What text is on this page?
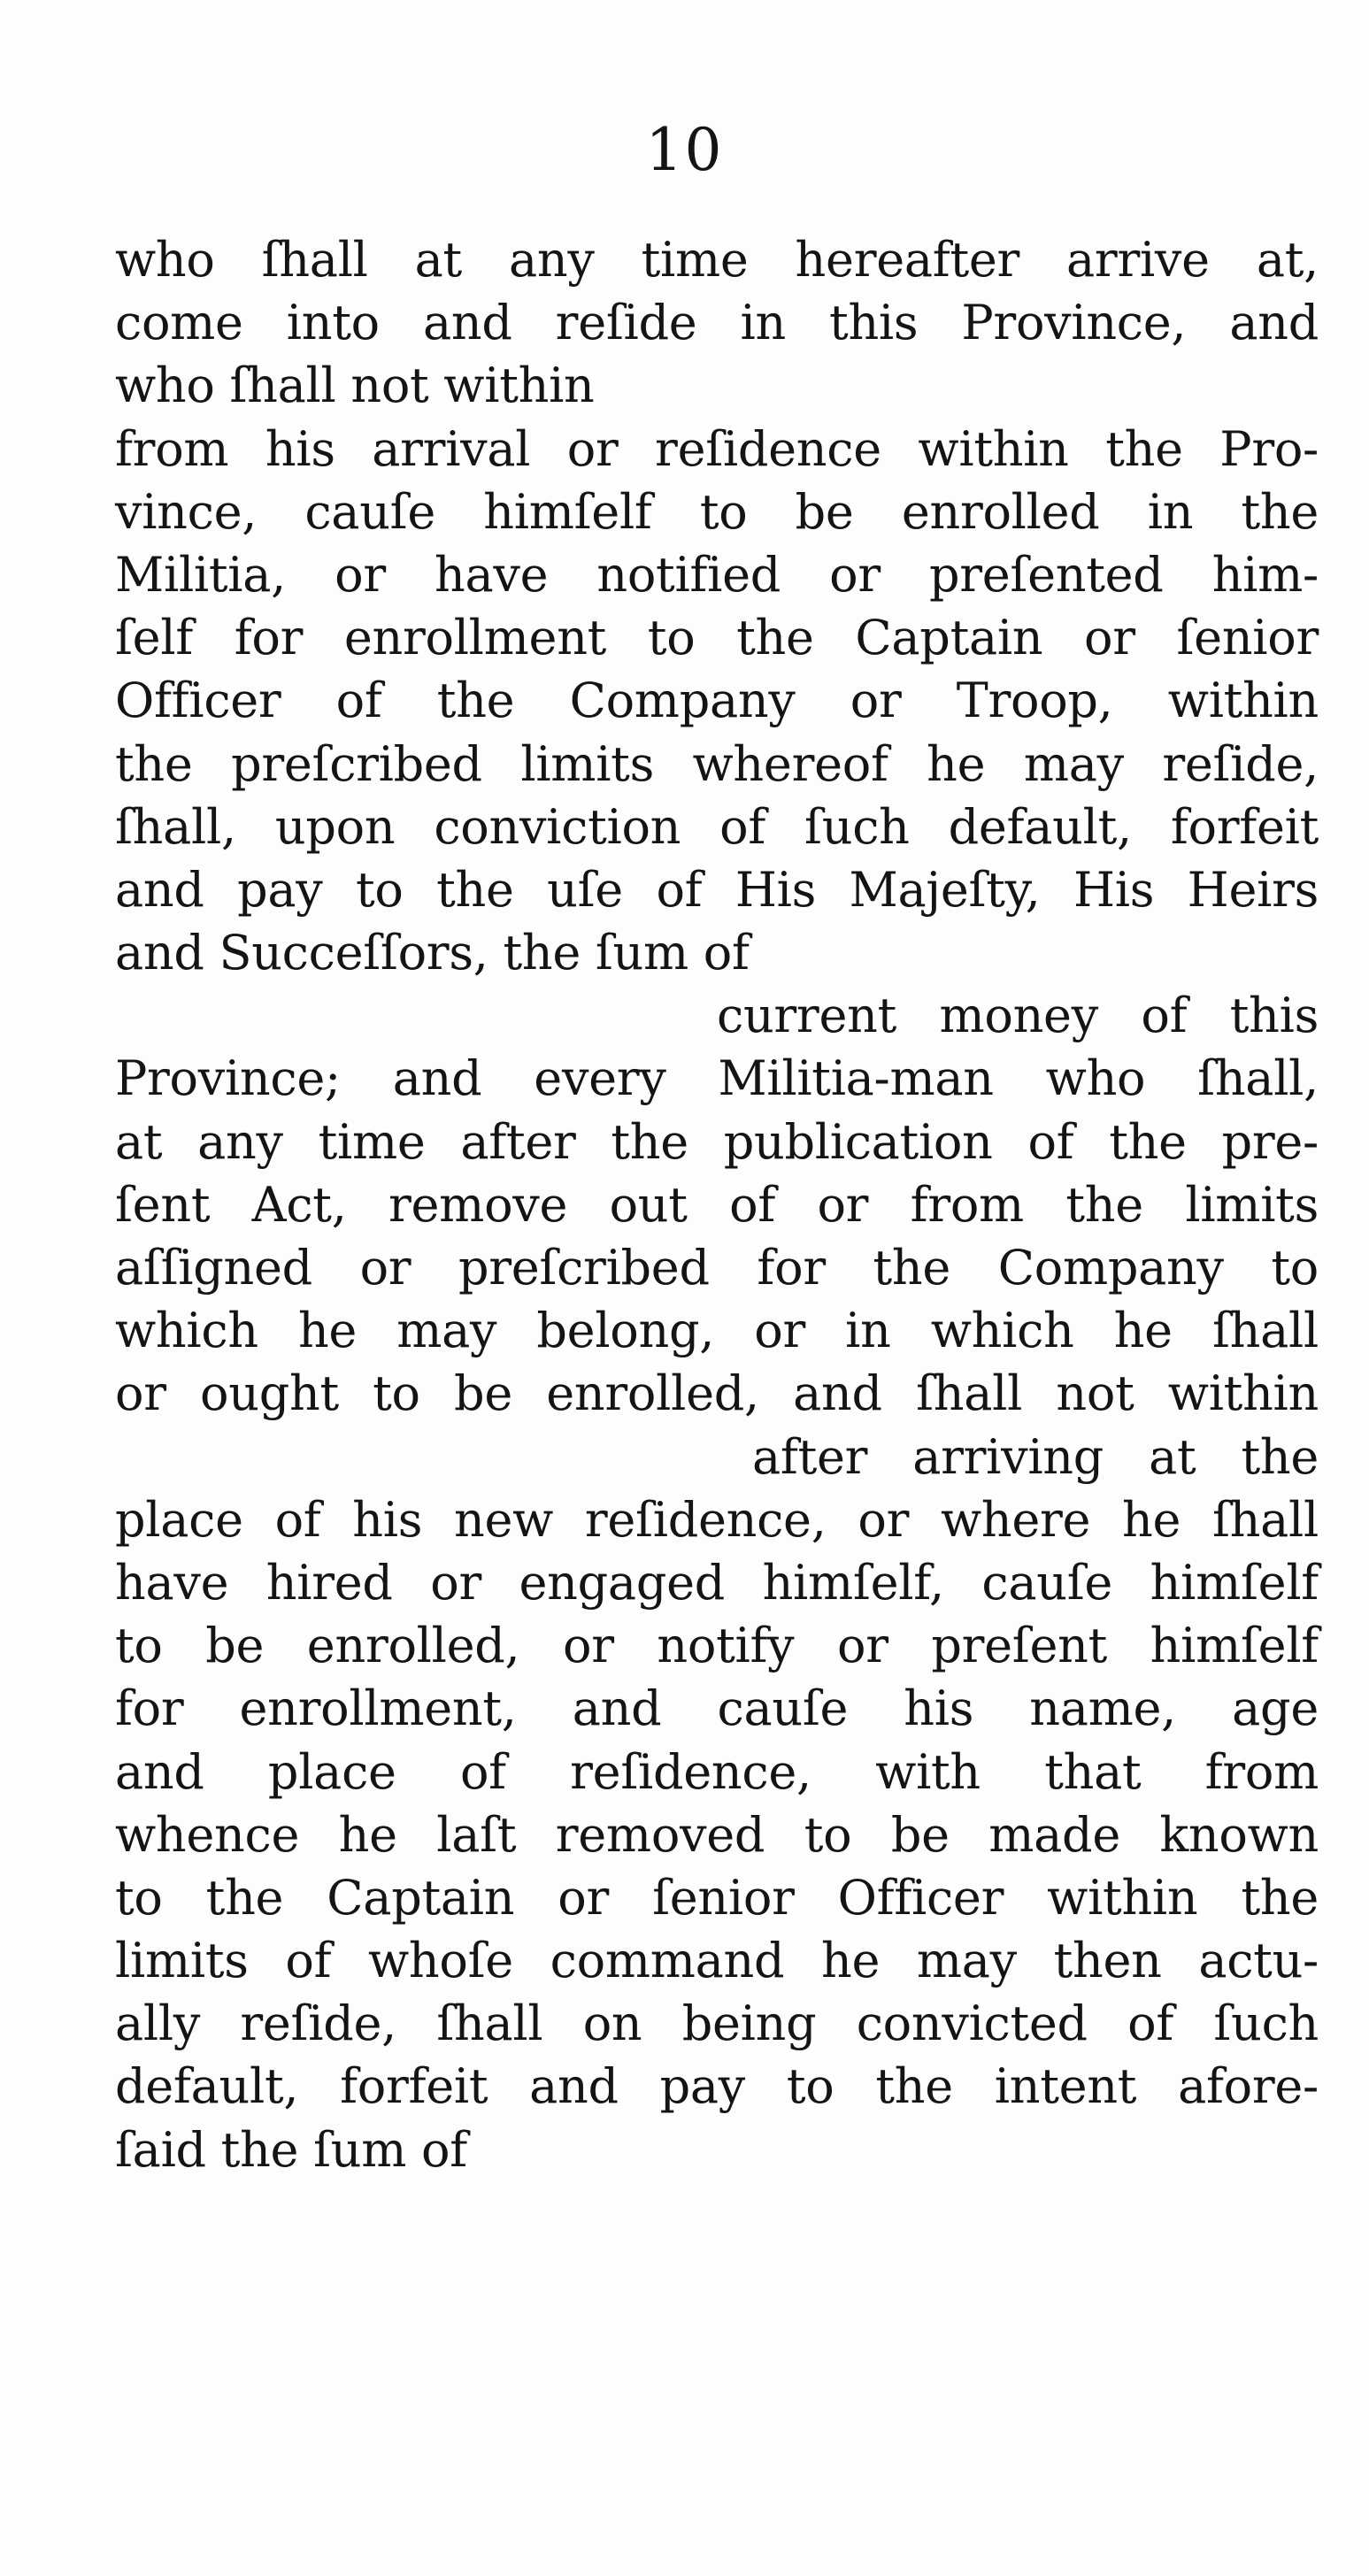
10
who ſhall at any time hereafter arrive at,
come into and reſide in this Province, and
who ſhall not within
from his arrival or reſidence within the Pro-
vince, cauſe himſelf to be enrolled in the
Militia, or have notified or preſented him-
ſelf for enrollment to the Captain or ſenior
Officer of the Company or Troop, within
the preſcribed limits whereof he may reſide,
ſhall, upon conviction of ſuch default, forfeit
and pay to the uſe of His Majeſty, His Heirs
and Succeſſors, the ſum of
current money of this
Province; and every Militia-man who ſhall,
at any time after the publication of the pre-
ſent Act, remove out of or from the limits
aſſigned or preſcribed for the Company to
which he may belong, or in which he ſhall
or ought to be enrolled, and ſhall not within
after arriving at the
place of his new reſidence, or where he ſhall
have hired or engaged himſelf, cauſe himſelf
to be enrolled, or notify or preſent himſelf
for enrollment, and cauſe his name, age
and place of reſidence, with that from
whence he laſt removed to be made known
to the Captain or ſenior Officer within the
limits of whoſe command he may then actu-
ally reſide, ſhall on being convicted of ſuch
default, forfeit and pay to the intent afore-
ſaid the ſum of
